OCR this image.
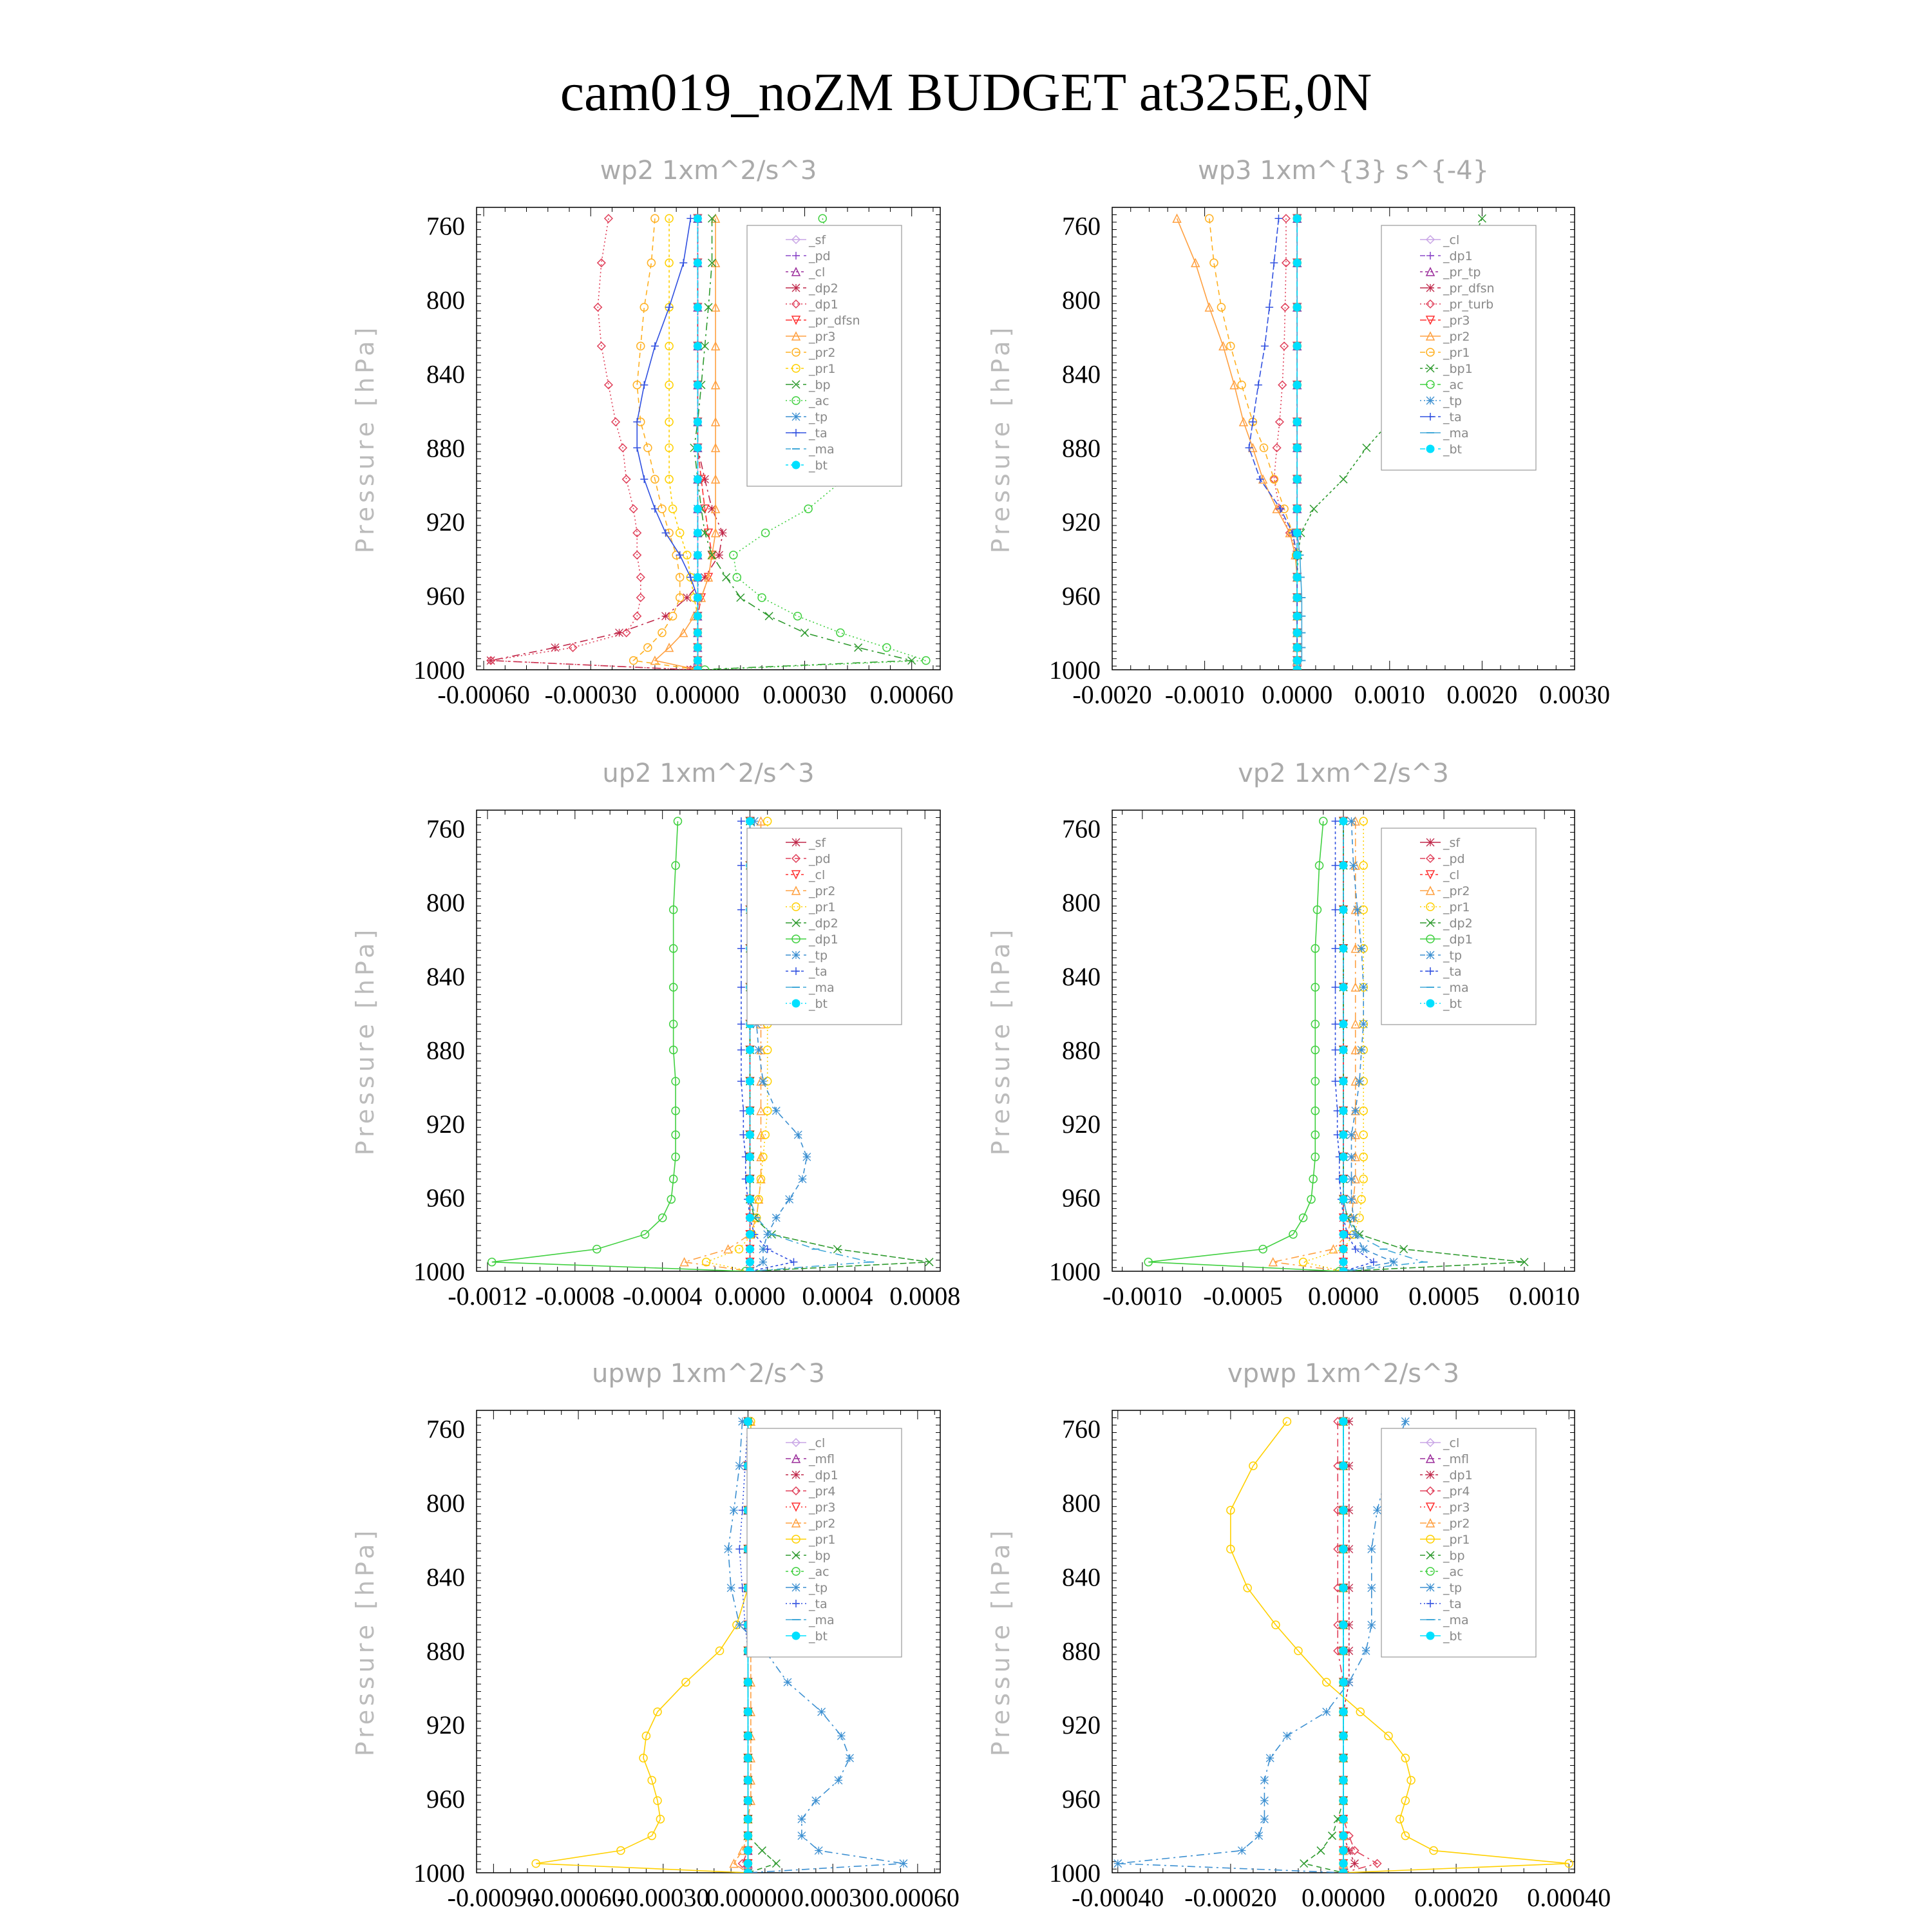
cam019_noZM BUDGET at325E,0N
760
800
840
880
920
960
1000
-0.00060 -0.00030 0.00000 0.00030 0.00060
wp2 1xm^2/s^3
Pressure [hPa]
_sf
_pd
_cl
_dp2
_dp1
_pr_dfsn
_pr3
_pr2
_pr1
_bp
_ac
_tp
_ta
_ma
_bt
760
800
840
880
920
960
1000
-0.0020 -0.0010 0.0000 0.0010 0.0020 0.0030
wp3 1xm^{3} s^{-4}
Pressure [hPa]
_cl
_dp1
_pr_tp
_pr_dfsn
_pr_turb
_pr3
_pr2
_pr1
_bp1
_ac
_tp
_ta
_ma
_bt
760
800
840
880
920
960
1000
-0.0012 -0.0008 -0.0004 0.0000 0.0004 0.0008
up2 1xm^2/s^3
Pressure [hPa]
_sf
_pd
_cl
_pr2
_pr1
_dp2
_dp1
_tp
_ta
_ma
_bt
760
800
840
880
920
960
1000
-0.0010 -0.0005 0.0000 0.0005 0.0010
vp2 1xm^2/s^3
Pressure [hPa]
_sf
_pd
_cl
_pr2
_pr1
_dp2
_dp1
_tp
_ta
_ma
_bt
760
800
840
880
920
960
1000
-0.00090
-0.00060
-0.00030
0.00000 0.00030 0.00060
upwp 1xm^2/s^3
Pressure [hPa]
_cl
_mfl
_dp1
_pr4
_pr3
_pr2
_pr1
_bp
_ac
_tp
_ta
_ma
_bt
760
800
840
880
920
960
1000
-0.00040 -0.00020 0.00000 0.00020 0.00040
vpwp 1xm^2/s^3
Pressure [hPa]
_cl
_mfl
_dp1
_pr4
_pr3
_pr2
_pr1
_bp
_ac
_tp
_ta
_ma
_bt
